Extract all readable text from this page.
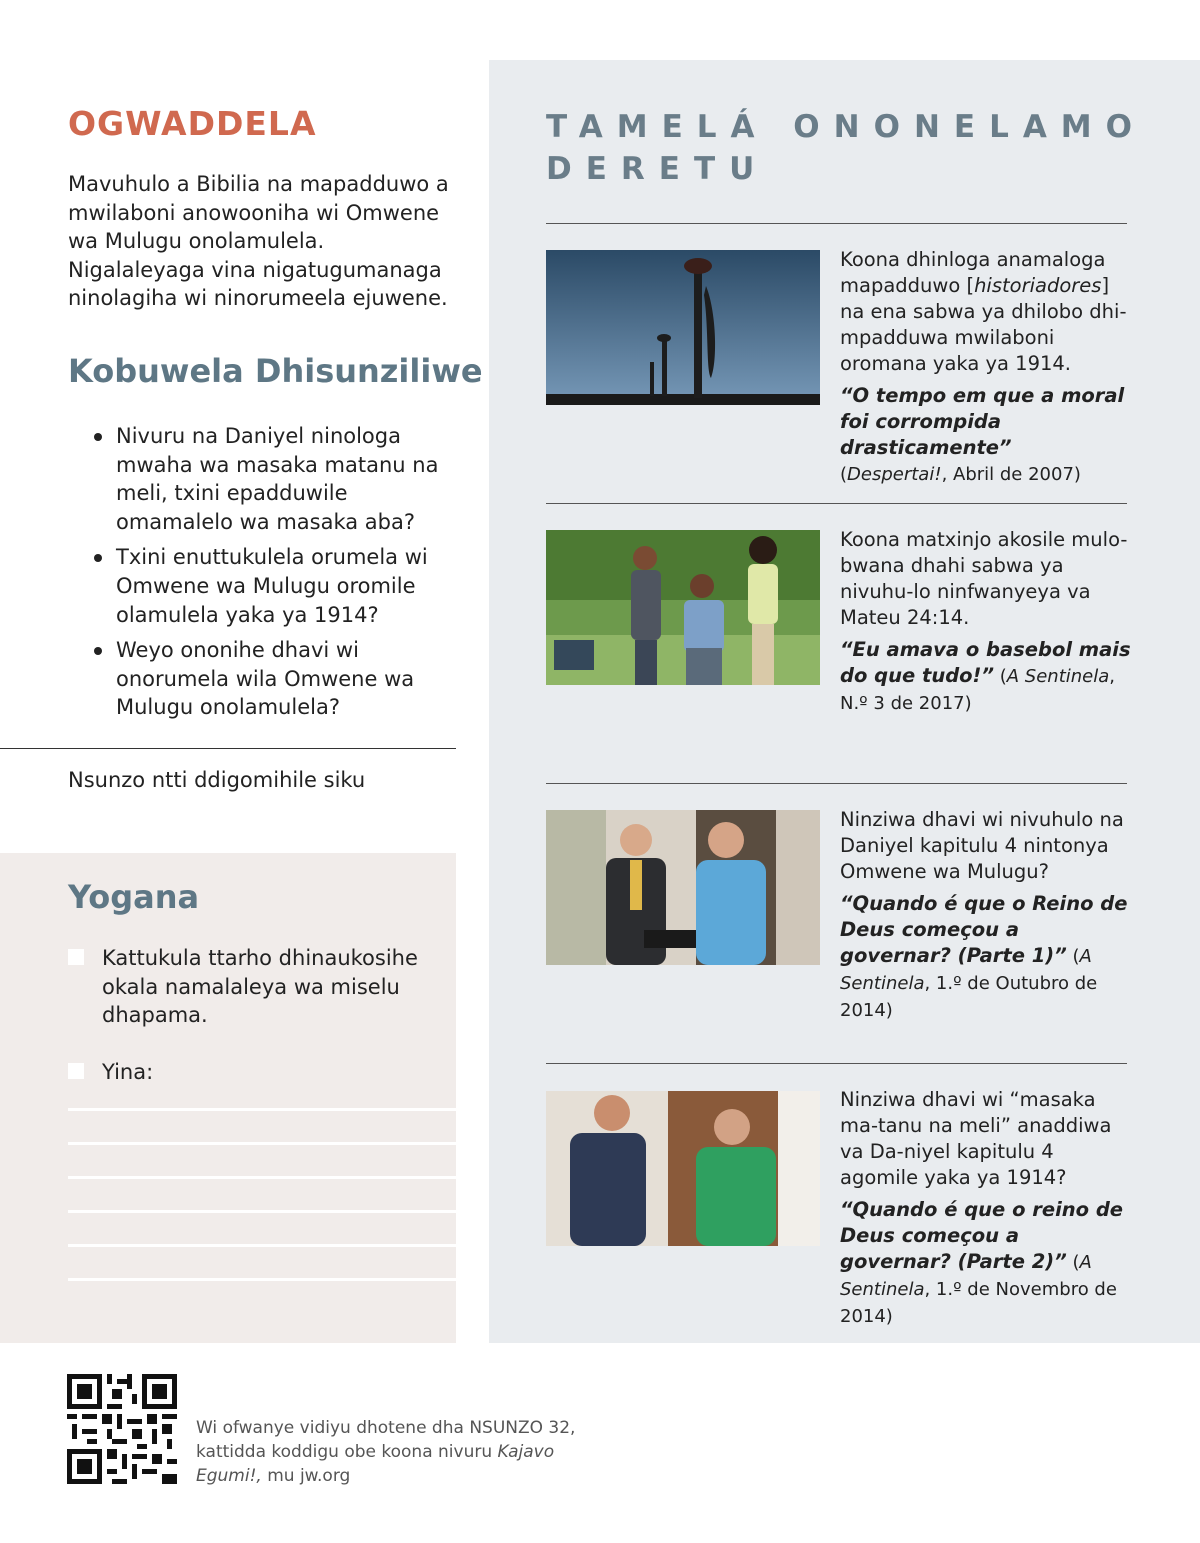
OGWADDELA
Mavuhulo a Bibilia na mapadduwo a mwilaboni anowooniha wi Omwene wa Mulugu onolamulela. Nigalaleyaga vina nigatugumanaga ninolagiha wi ninorumeela ejuwene.
Kobuwela Dhisunziliwe
Nivuru na Daniyel ninologa mwaha wa masaka matanu na meli, txini epadduwile omamalelo wa masaka aba?
Txini enuttukulela orumela wi Omwene wa Mulugu oromile olamulela yaka ya 1914?
Weyo ononihe dhavi wi onorumela wila Omwene wa Mulugu onolamulela?
Nsunzo ntti ddigomihile siku
Yogana
Kattukula ttarho dhinaukosihe okala namalaleya wa miselu dhapama.
Yina:
TAMELÁ ONONELAMO DERETU
Koona dhinloga anamaloga mapadduwo [historiadores] na ena sabwa ya dhilobo dhi-mpadduwa mwilaboni oromana yaka ya 1914.
“O tempo em que a moral foi corrompida drasticamente”
(Despertai!, Abril de 2007)
Koona matxinjo akosile mulo-bwana dhahi sabwa ya nivuhu-lo ninfwanyeya va Mateu 24:14.
“Eu amava o basebol mais do que tudo!” (A Sentinela, N.º 3 de 2017)
Ninziwa dhavi wi nivuhulo na Daniyel kapitulu 4 nintonya Omwene wa Mulugu?
“Quando é que o Reino de Deus começou a governar? (Parte 1)” (A Sentinela, 1.º de Outubro de 2014)
Ninziwa dhavi wi “masaka ma-tanu na meli” anaddiwa va Da-niyel kapitulu 4 agomile yaka ya 1914?
“Quando é que o reino de Deus começou a governar? (Parte 2)” (A Sentinela, 1.º de Novembro de 2014)
Wi ofwanye vidiyu dhotene dha NSUNZO 32, kattidda koddigu obe koona nivuru Kajavo Egumi!, mu jw.org
